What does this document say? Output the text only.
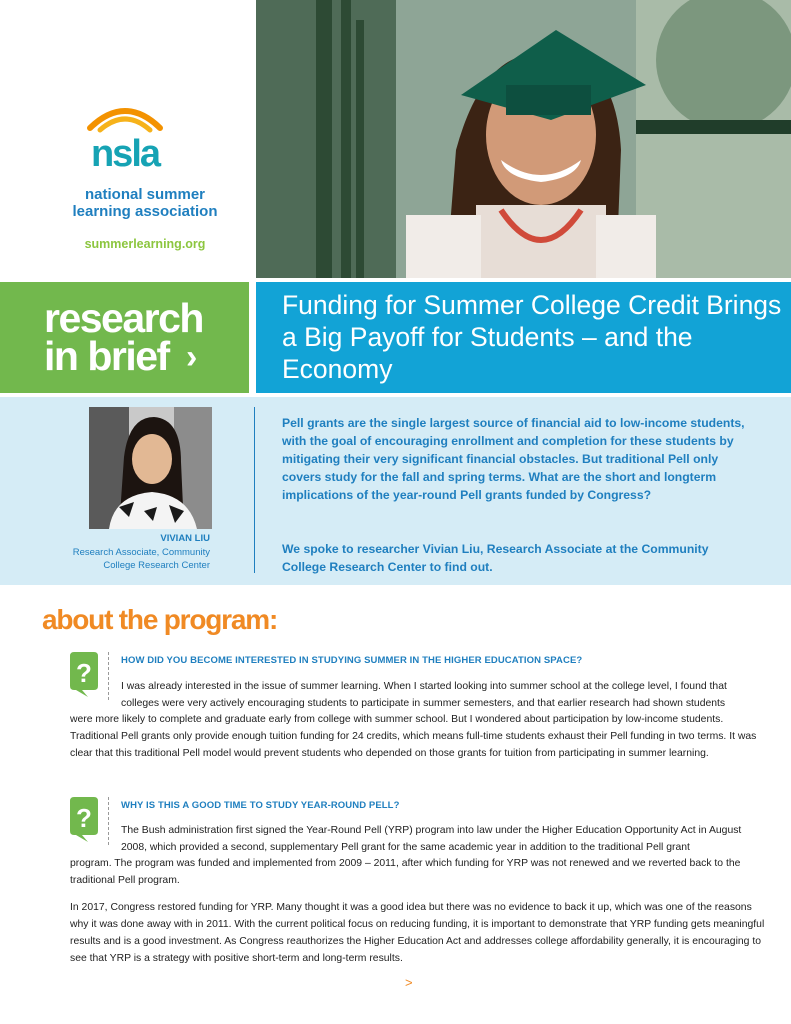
nsla
national summer
learning association
summerlearning.org
research
in brief ›
Funding for Summer College Credit Brings a Big Payoff for Students – and the Economy
VIVIAN LIU
Research Associate, Community
College Research Center
Pell grants are the single largest source of financial aid to low-income students, with the goal of encouraging enrollment and completion for these students by mitigating their very significant financial obstacles. But traditional Pell only covers study for the fall and spring terms. What are the short and longterm implications of the year-round Pell grants funded by Congress?
We spoke to researcher Vivian Liu, Research Associate at the Community College Research Center to find out.
about the program:
?	HOW DID YOU BECOME INTERESTED IN STUDYING SUMMER IN THE HIGHER EDUCATION SPACE?
I was already interested in the issue of summer learning. When I started looking into summer school at the college level, I found that colleges were very actively encouraging students to participate in summer semesters, and that earlier research had shown students
were more likely to complete and graduate early from college with summer school. But I wondered about participation by low-income students. Traditional Pell grants only provide enough tuition funding for 24 credits, which means full-time students exhaust their Pell funding in two terms. It was clear that this traditional Pell model would prevent students who depended on those grants for tuition from participating in summer learning.
?	WHY IS THIS A GOOD TIME TO STUDY YEAR-ROUND PELL?
The Bush administration first signed the Year-Round Pell (YRP) program into law under the Higher Education Opportunity Act in August 2008, which provided a second, supplementary Pell grant for the same academic year in addition to the traditional Pell grant
program. The program was funded and implemented from 2009 – 2011, after which funding for YRP was not renewed and we reverted back to the traditional Pell program.
In 2017, Congress restored funding for YRP. Many thought it was a good idea but there was no evidence to back it up, which was one of the reasons why it was done away with in 2011. With the current political focus on reducing funding, it is important to demonstrate that YRP funding gets meaningful results and is a good investment. As Congress reauthorizes the Higher Education Act and addresses college affordability generally, it is encouraging to see that YRP is a strategy with positive short-term and long-term results.
>
